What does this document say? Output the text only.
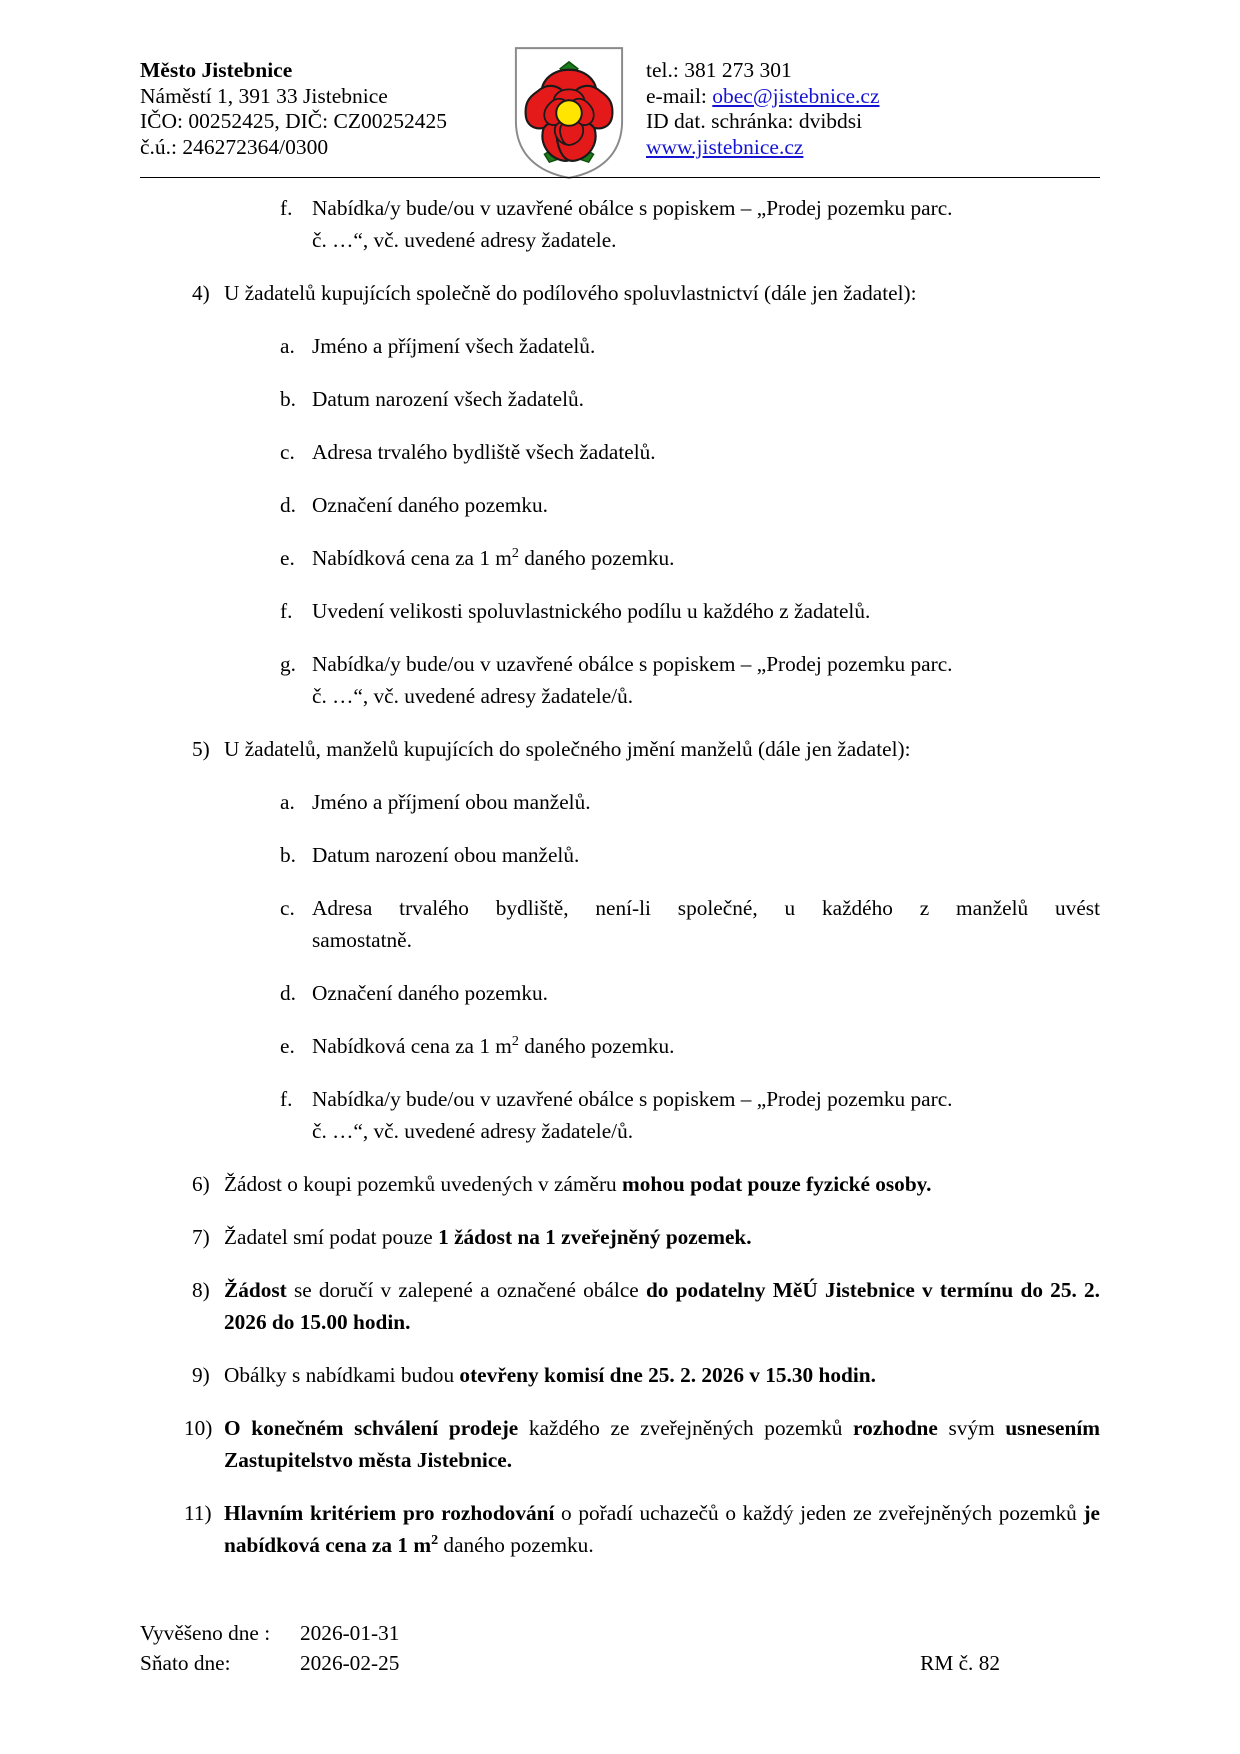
Město Jistebnice
Náměstí 1, 391 33 Jistebnice
IČO: 00252425, DIČ: CZ00252425
č.ú.: 246272364/0300
tel.: 381 273 301
e-mail: obec@jistebnice.cz
ID dat. schránka: dvibdsi
www.jistebnice.cz
f. Nabídka/y bude/ou v uzavřené obálce s popiskem – „Prodej pozemku parc.
č. …“, vč. uvedené adresy žadatele.
4) U žadatelů kupujících společně do podílového spoluvlastnictví (dále jen žadatel):
a. Jméno a příjmení všech žadatelů.
b. Datum narození všech žadatelů.
c. Adresa trvalého bydliště všech žadatelů.
d. Označení daného pozemku.
e. Nabídková cena za 1 $m^2$ daného pozemku.
f. Uvedení velikosti spoluvlastnického podílu u každého z žadatelů.
g. Nabídka/y bude/ou v uzavřené obálce s popiskem – „Prodej pozemku parc.
č. …“, vč. uvedené adresy žadatele/ů.
5) U žadatelů, manželů kupujících do společného jmění manželů (dále jen žadatel):
a. Jméno a příjmení obou manželů.
b. Datum narození obou manželů.
c. Adresa trvalého bydliště, není-li společné, u každého z manželů uvést
samostatně.
d. Označení daného pozemku.
e. Nabídková cena za 1 $m^2$ daného pozemku.
f. Nabídka/y bude/ou v uzavřené obálce s popiskem – „Prodej pozemku parc.
č. …“, vč. uvedené adresy žadatele/ů.
6) Žádost o koupi pozemků uvedených v záměru mohou podat pouze fyzické osoby.
7) Žadatel smí podat pouze 1 žádost na 1 zveřejněný pozemek.
8) Žádost se doručí v zalepené a označené obálce do podatelny MěÚ Jistebnice v termínu do 25. 2. 2026 do 15.00 hodin.
9) Obálky s nabídkami budou otevřeny komisí dne 25. 2. 2026 v 15.30 hodin.
10) O konečném schválení prodeje každého ze zveřejněných pozemků rozhodne svým usnesením Zastupitelstvo města Jistebnice.
11) Hlavním kritériem pro rozhodování o pořadí uchazečů o každý jeden ze zveřejněných pozemků je nabídková cena za 1 $m^2$ daného pozemku.
Vyvěšeno dne : 2026-01-31
Sňato dne:	2026-02-25	RM č. 82
